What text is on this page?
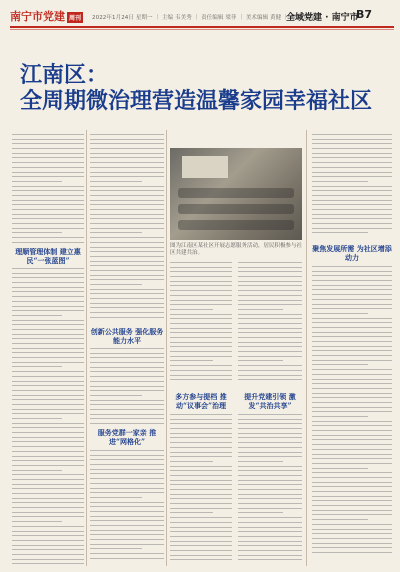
南宁市党建 周刊	2022年1月24日 星期一 ｜ 主编 韦美秀 ｜ 责任编辑 梁菲 ｜ 美术编辑 黄健 ｜ 校对 周荷
全域党建 · 南宁市
B7
江南区：
全周期微治理营造温馨家园幸福社区
理顺管理体制 建立惠民“一张蓝图”
创新公共服务 强化服务能力水平
服务党群一家亲 推进“网格化”
图为江南区某社区开展志愿服务活动，居民积极参与社区共建共治。
多方参与提档 推动“议事会”治理
提升党建引领 激发“共治共享”
聚焦发展所需 为社区增添动力
